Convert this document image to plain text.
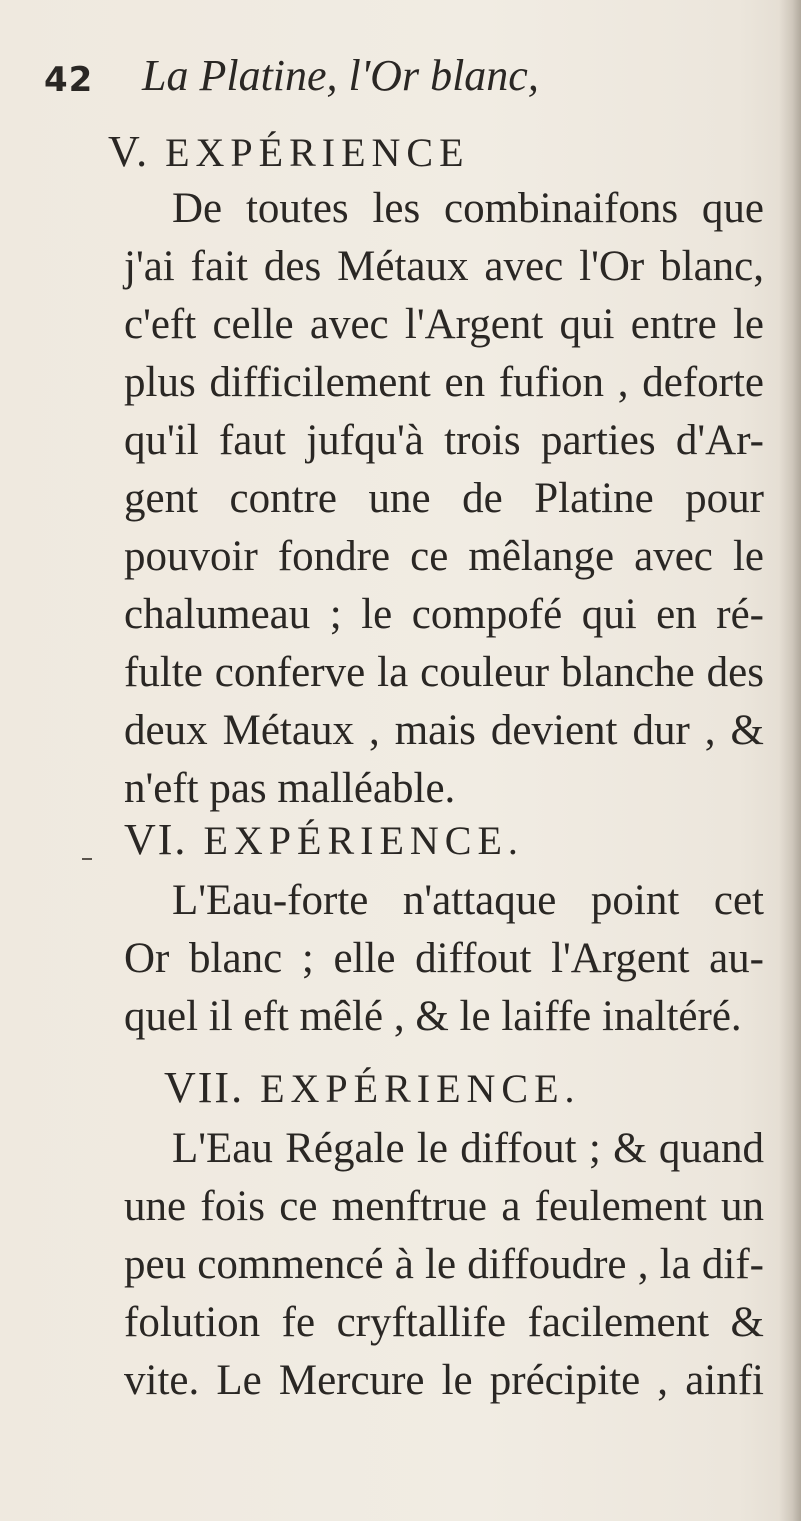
42 La Platine, l'Or blanc,
V. EXPÉRIENCE
De toutes les combinaifons que
j'ai fait des Métaux avec l'Or blanc,
c'eft celle avec l'Argent qui entre le
plus difficilement en fufion , deforte
qu'il faut jufqu'à trois parties d'Ar-
gent contre une de Platine pour
pouvoir fondre ce mêlange avec le
chalumeau ; le compofé qui en ré-
fulte conferve la couleur blanche des
deux Métaux , mais devient dur , &
n'eft pas malléable.
VI. EXPÉRIENCE.
L'Eau-forte n'attaque point cet
Or blanc ; elle diffout l'Argent au-
quel il eft mêlé , & le laiffe inaltéré.
VII. EXPÉRIENCE.
L'Eau Régale le diffout ; & quand
une fois ce menftrue a feulement un
peu commencé à le diffoudre , la dif-
folution fe cryftallife facilement &
vite. Le Mercure le précipite , ainfi
